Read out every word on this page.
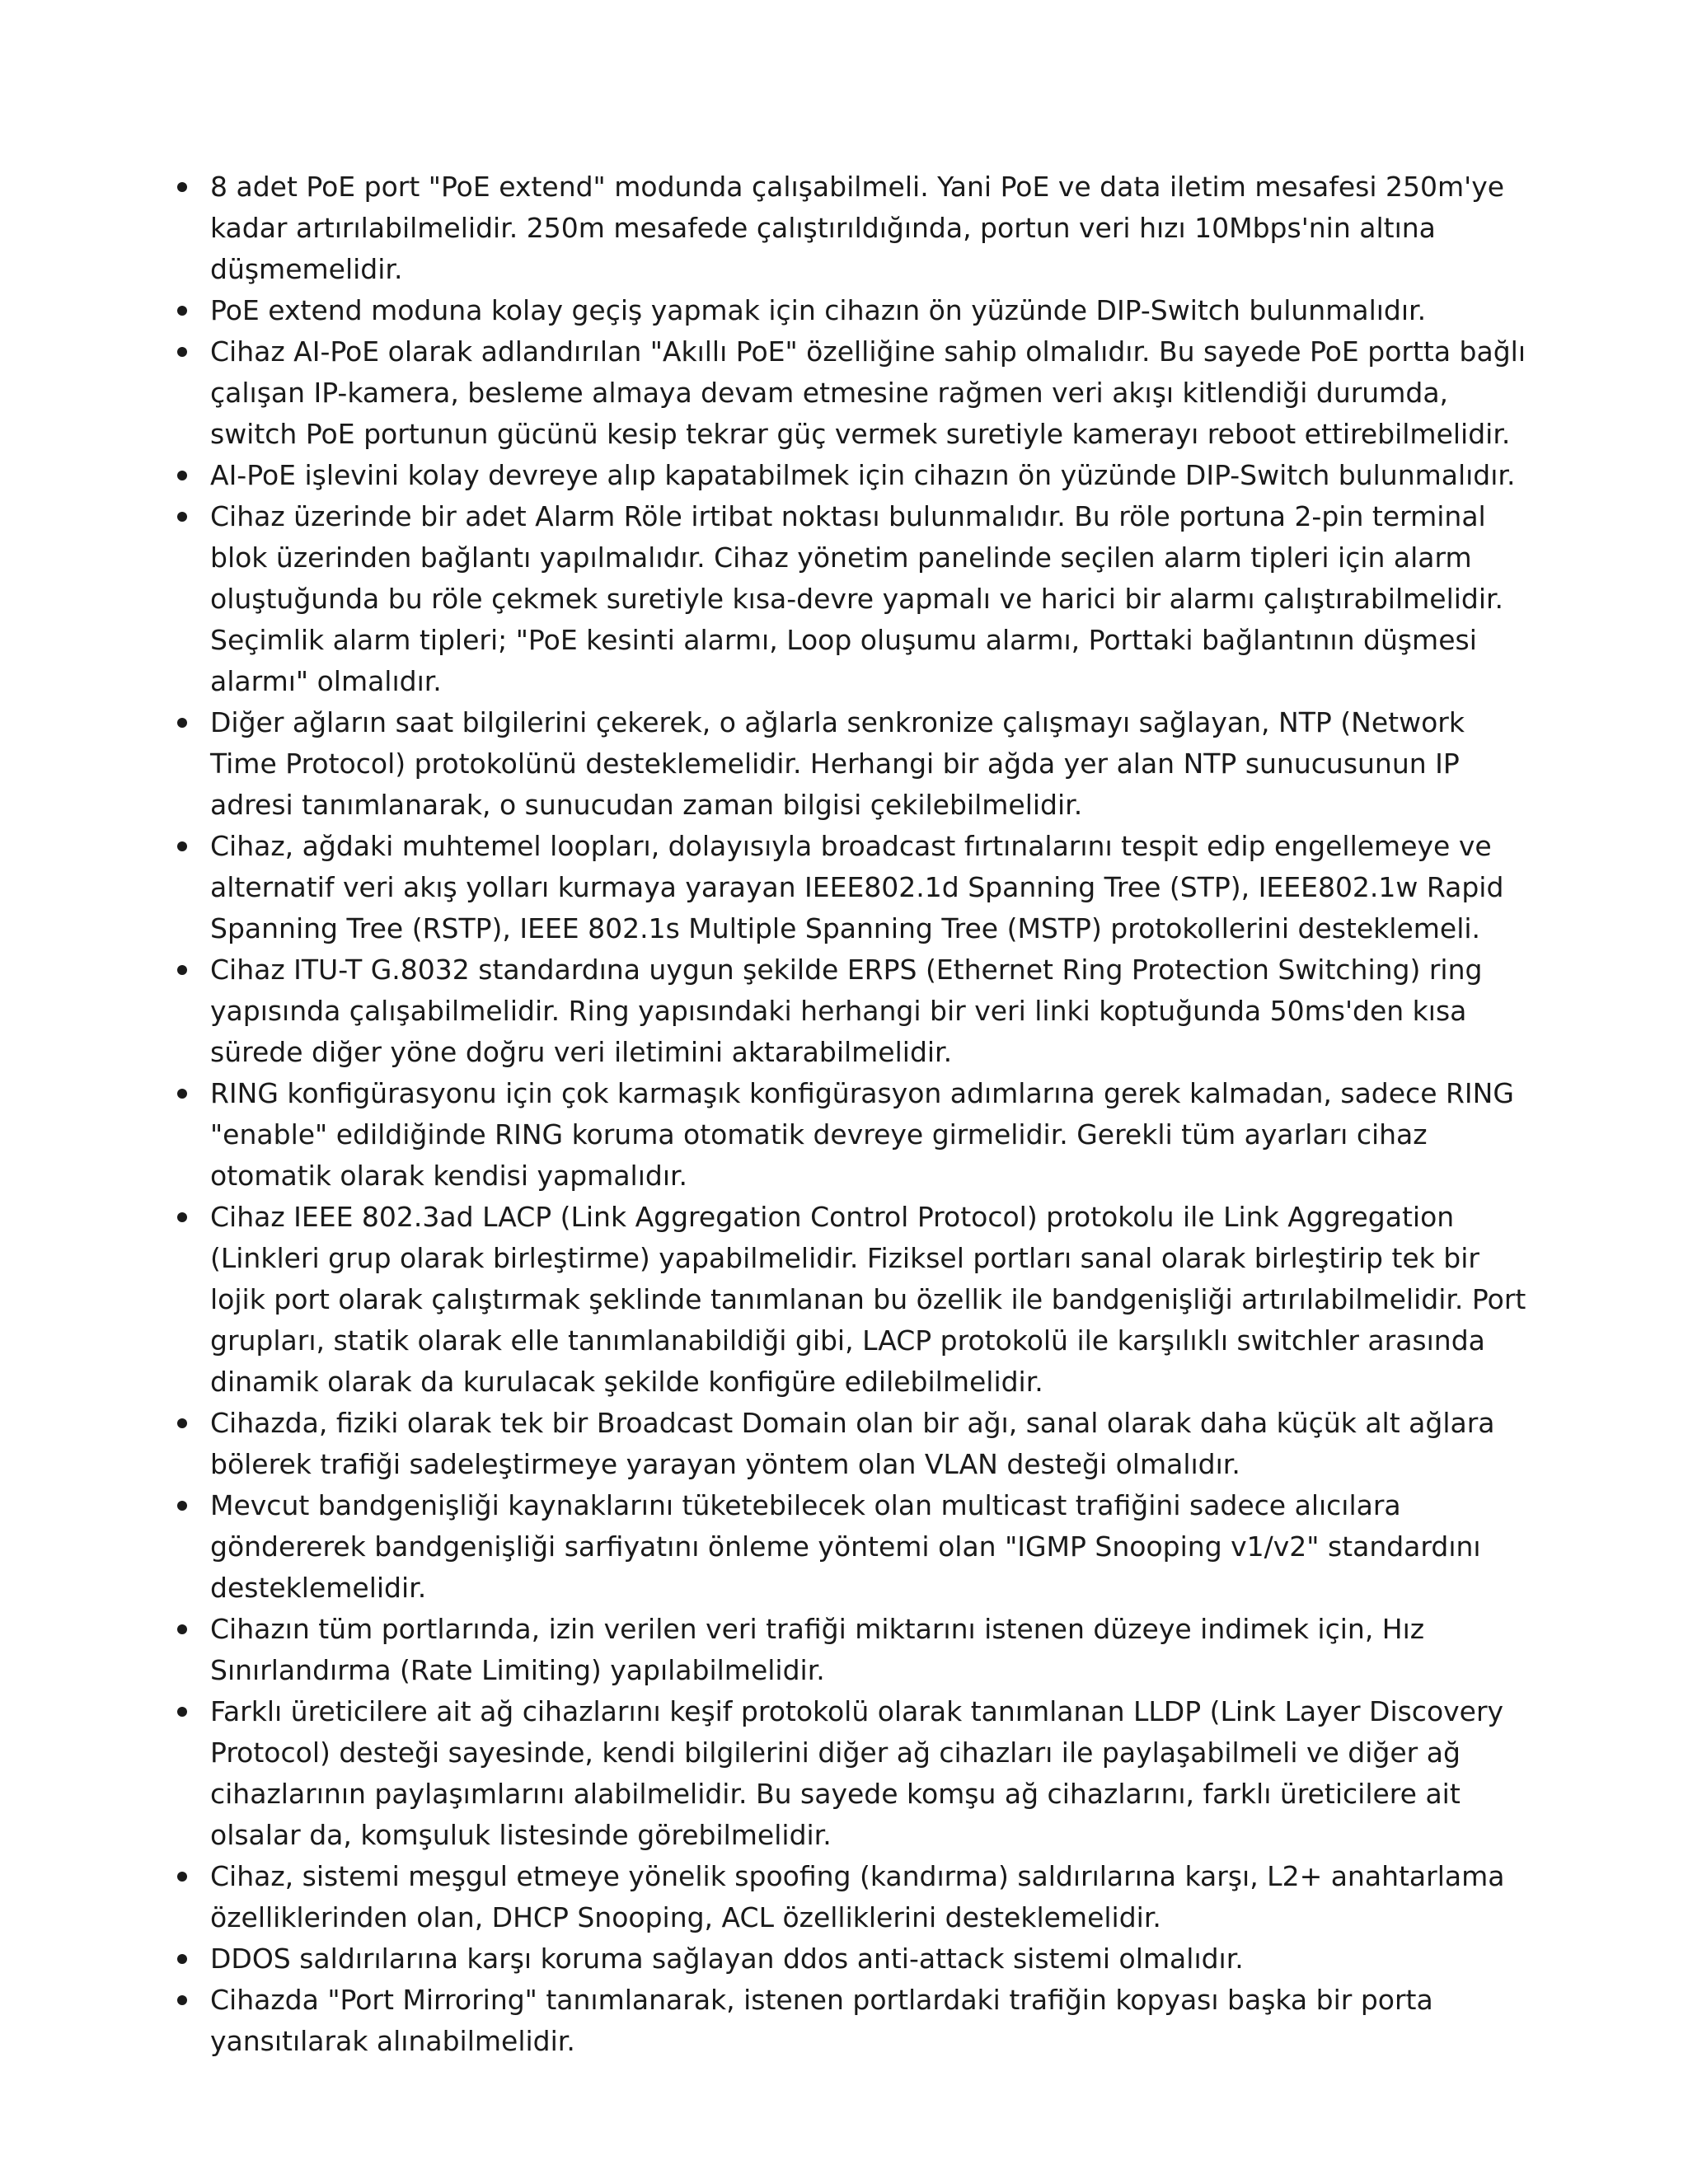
8 adet PoE port "PoE extend" modunda çalışabilmeli. Yani PoE ve data iletim mesafesi 250m'ye kadar artırılabilmelidir. 250m mesafede çalıştırıldığında, portun veri hızı 10Mbps'nin altına düşmemelidir.
PoE extend moduna kolay geçiş yapmak için cihazın ön yüzünde DIP-Switch bulunmalıdır.
Cihaz AI-PoE olarak adlandırılan "Akıllı PoE" özelliğine sahip olmalıdır. Bu sayede PoE portta bağlı çalışan IP-kamera, besleme almaya devam etmesine rağmen veri akışı kitlendiği durumda, switch PoE portunun gücünü kesip tekrar güç vermek suretiyle kamerayı reboot ettirebilmelidir.
AI-PoE işlevini kolay devreye alıp kapatabilmek için cihazın ön yüzünde DIP-Switch bulunmalıdır.
Cihaz üzerinde bir adet Alarm Röle irtibat noktası bulunmalıdır. Bu röle portuna 2-pin terminal blok üzerinden bağlantı yapılmalıdır. Cihaz yönetim panelinde seçilen alarm tipleri için alarm oluştuğunda bu röle çekmek suretiyle kısa-devre yapmalı ve harici bir alarmı çalıştırabilmelidir. Seçimlik alarm tipleri; "PoE kesinti alarmı, Loop oluşumu alarmı, Porttaki bağlantının düşmesi alarmı" olmalıdır.
Diğer ağların saat bilgilerini çekerek, o ağlarla senkronize çalışmayı sağlayan, NTP (Network Time Protocol) protokolünü desteklemelidir. Herhangi bir ağda yer alan NTP sunucusunun IP adresi tanımlanarak, o sunucudan zaman bilgisi çekilebilmelidir.
Cihaz, ağdaki muhtemel loopları, dolayısıyla broadcast fırtınalarını tespit edip engellemeye ve alternatif veri akış yolları kurmaya yarayan IEEE802.1d Spanning Tree (STP), IEEE802.1w Rapid Spanning Tree (RSTP), IEEE 802.1s Multiple Spanning Tree (MSTP) protokollerini desteklemeli.
Cihaz ITU-T G.8032 standardına uygun şekilde ERPS (Ethernet Ring Protection Switching) ring yapısında çalışabilmelidir. Ring yapısındaki herhangi bir veri linki koptuğunda 50ms'den kısa sürede diğer yöne doğru veri iletimini aktarabilmelidir.
RING konfigürasyonu için çok karmaşık konfigürasyon adımlarına gerek kalmadan, sadece RING "enable" edildiğinde RING koruma otomatik devreye girmelidir. Gerekli tüm ayarları cihaz otomatik olarak kendisi yapmalıdır.
Cihaz IEEE 802.3ad LACP (Link Aggregation Control Protocol) protokolu ile Link Aggregation (Linkleri grup olarak birleştirme) yapabilmelidir. Fiziksel portları sanal olarak birleştirip tek bir lojik port olarak çalıştırmak şeklinde tanımlanan bu özellik ile bandgenişliği artırılabilmelidir. Port grupları, statik olarak elle tanımlanabildiği gibi, LACP protokolü ile karşılıklı switchler arasında dinamik olarak da kurulacak şekilde konfigüre edilebilmelidir.
Cihazda, fiziki olarak tek bir Broadcast Domain olan bir ağı, sanal olarak daha küçük alt ağlara bölerek trafiği sadeleştirmeye yarayan yöntem olan VLAN desteği olmalıdır.
Mevcut bandgenişliği kaynaklarını tüketebilecek olan multicast trafiğini sadece alıcılara göndererek bandgenişliği sarfiyatını önleme yöntemi olan "IGMP Snooping v1/v2" standardını desteklemelidir.
Cihazın tüm portlarında, izin verilen veri trafiği miktarını istenen düzeye indimek için, Hız Sınırlandırma (Rate Limiting) yapılabilmelidir.
Farklı üreticilere ait ağ cihazlarını keşif protokolü olarak tanımlanan LLDP (Link Layer Discovery Protocol) desteği sayesinde, kendi bilgilerini diğer ağ cihazları ile paylaşabilmeli ve diğer ağ cihazlarının paylaşımlarını alabilmelidir. Bu sayede komşu ağ cihazlarını, farklı üreticilere ait olsalar da, komşuluk listesinde görebilmelidir.
Cihaz, sistemi meşgul etmeye yönelik spoofing (kandırma) saldırılarına karşı, L2+ anahtarlama özelliklerinden olan, DHCP Snooping, ACL özelliklerini desteklemelidir.
DDOS saldırılarına karşı koruma sağlayan ddos anti-attack sistemi olmalıdır.
Cihazda "Port Mirroring" tanımlanarak, istenen portlardaki trafiğin kopyası başka bir porta yansıtılarak alınabilmelidir.
